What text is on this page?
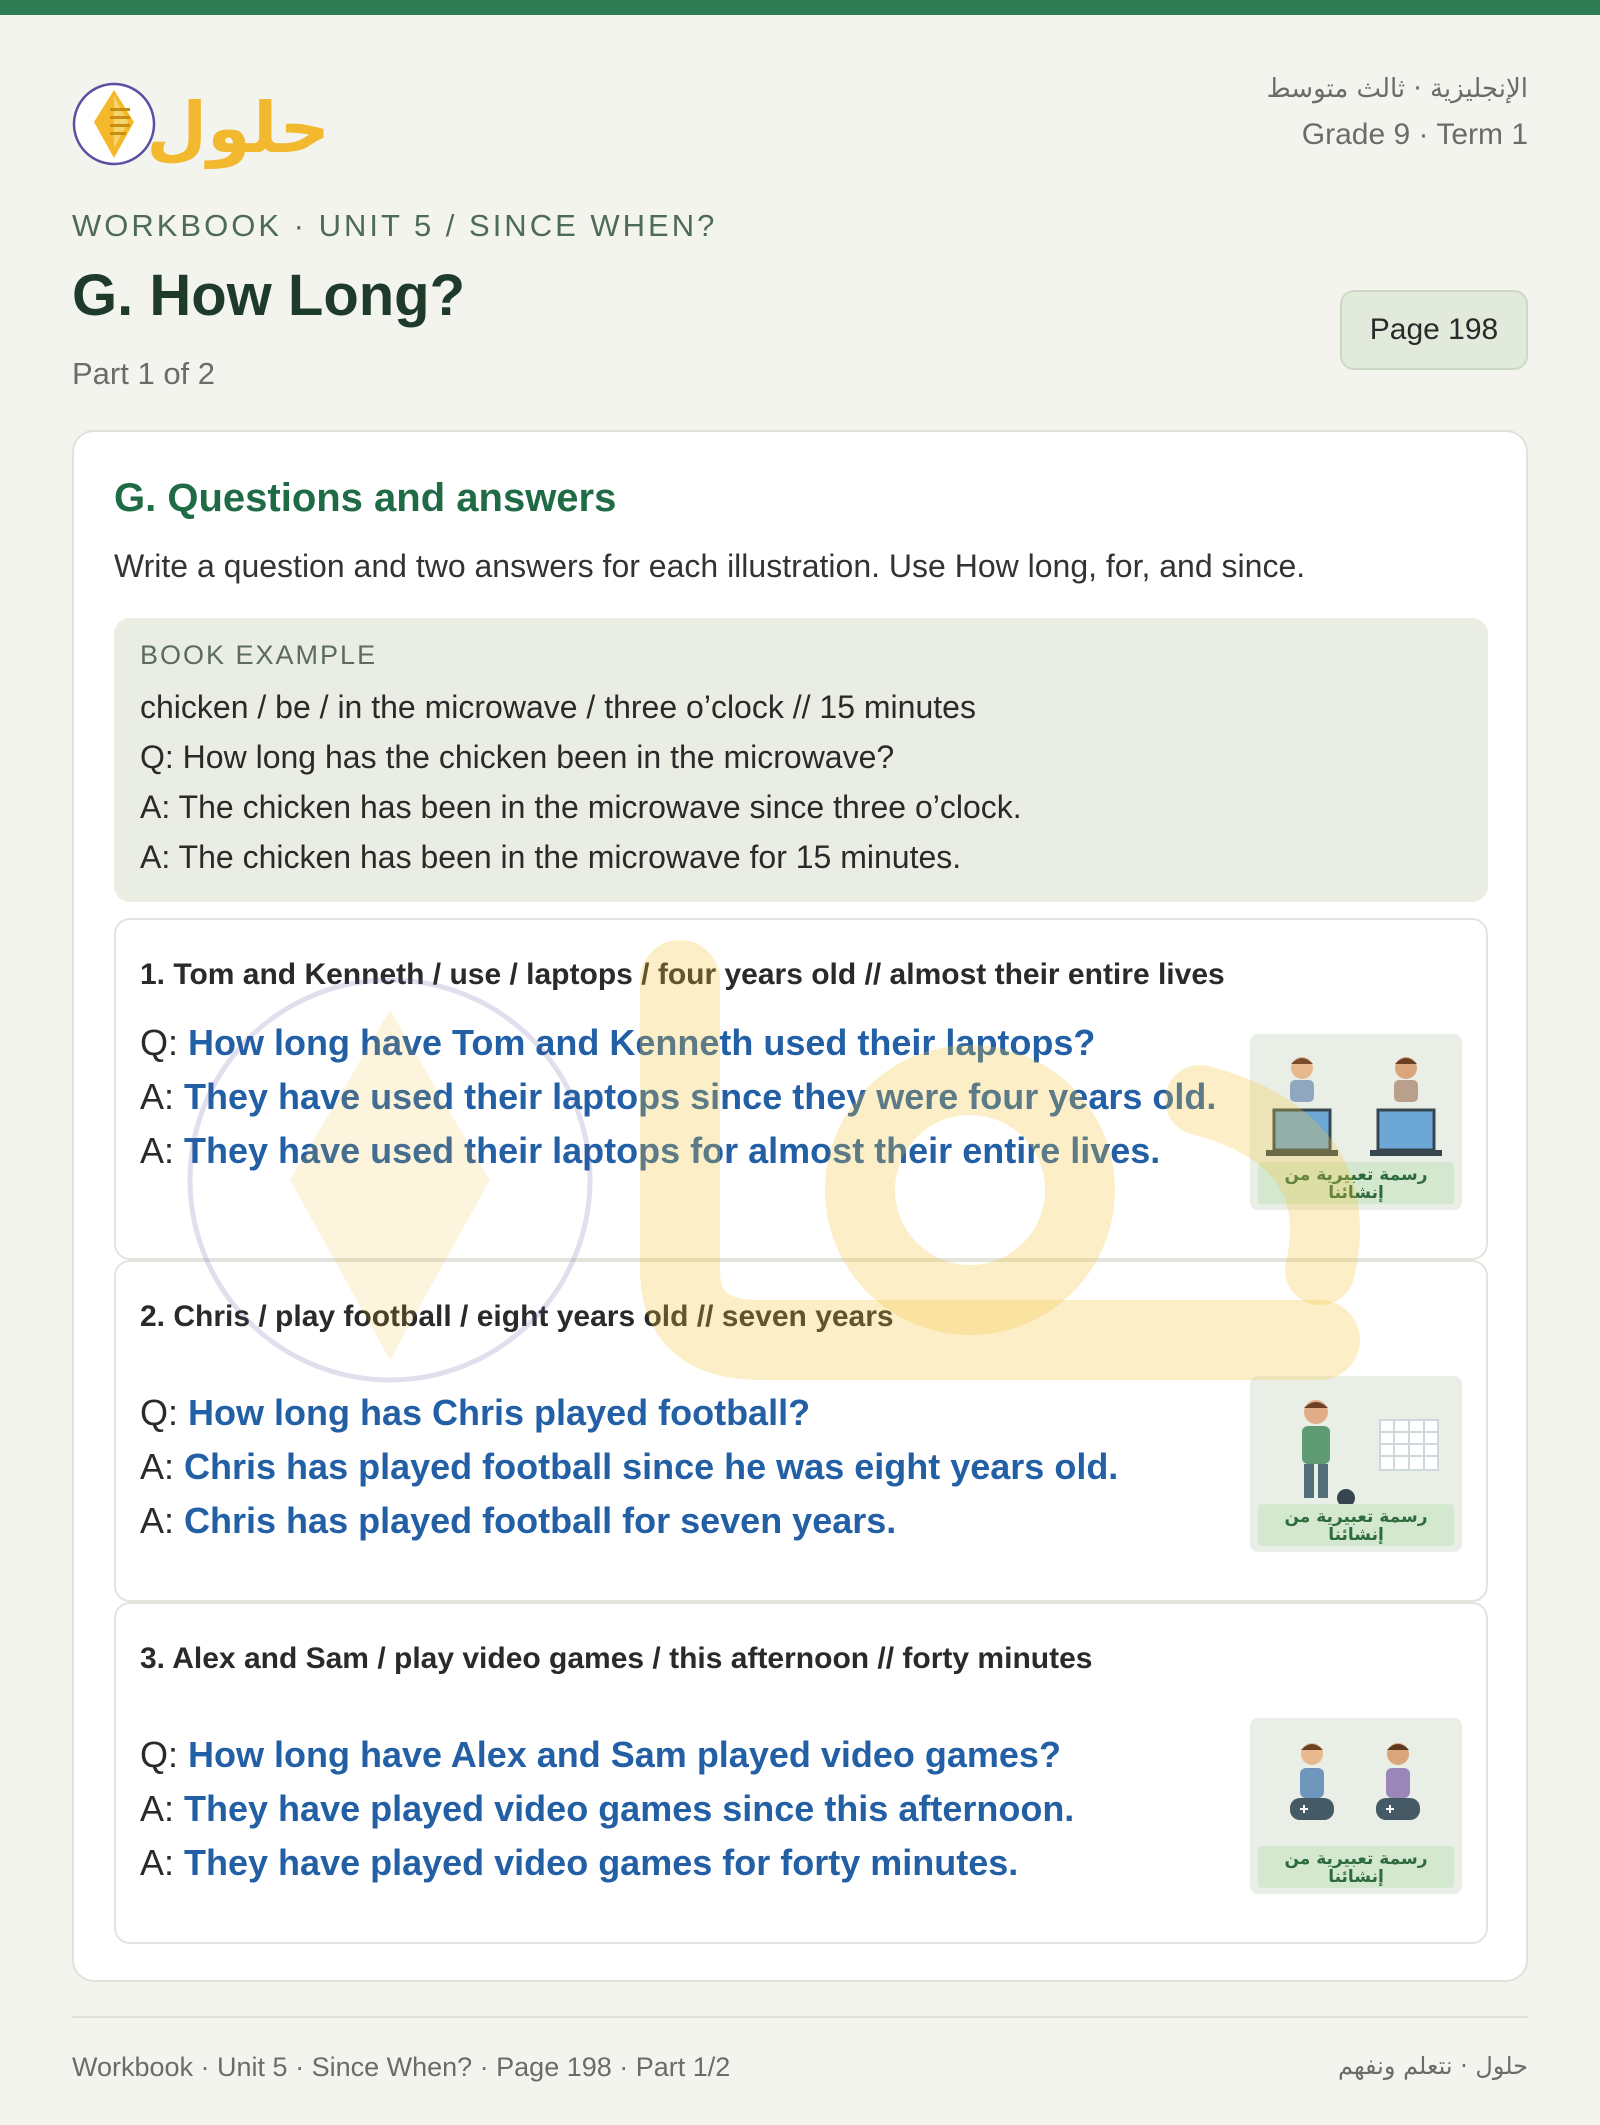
حلول	الإنجليزية · ثالث متوسط
Grade 9 · Term 1
WORKBOOK · UNIT 5 / SINCE WHEN?
G. How Long?
Part 1 of 2
Page 198
G. Questions and answers
Write a question and two answers for each illustration. Use How long, for, and since.
BOOK EXAMPLE
chicken / be / in the microwave / three o’clock // 15 minutes
Q: How long has the chicken been in the microwave?
A: The chicken has been in the microwave since three o’clock.
A: The chicken has been in the microwave for 15 minutes.
1. Tom and Kenneth / use / laptops / four years old // almost their entire lives
Q: How long have Tom and Kenneth used their laptops?
A: They have used their laptops since they were four years old.
A: They have used their laptops for almost their entire lives.
رسمة تعبيرية من إنشائنا
2. Chris / play football / eight years old // seven years
Q: How long has Chris played football?
A: Chris has played football since he was eight years old.
A: Chris has played football for seven years.	رسمة تعبيرية من إنشائنا
3. Alex and Sam / play video games / this afternoon // forty minutes
Q: How long have Alex and Sam played video games?
A: They have played video games since this afternoon.
A: They have played video games for forty minutes.	رسمة تعبيرية من إنشائنا
Workbook · Unit 5 · Since When? · Page 198 · Part 1/2	حلول · نتعلم ونفهم
